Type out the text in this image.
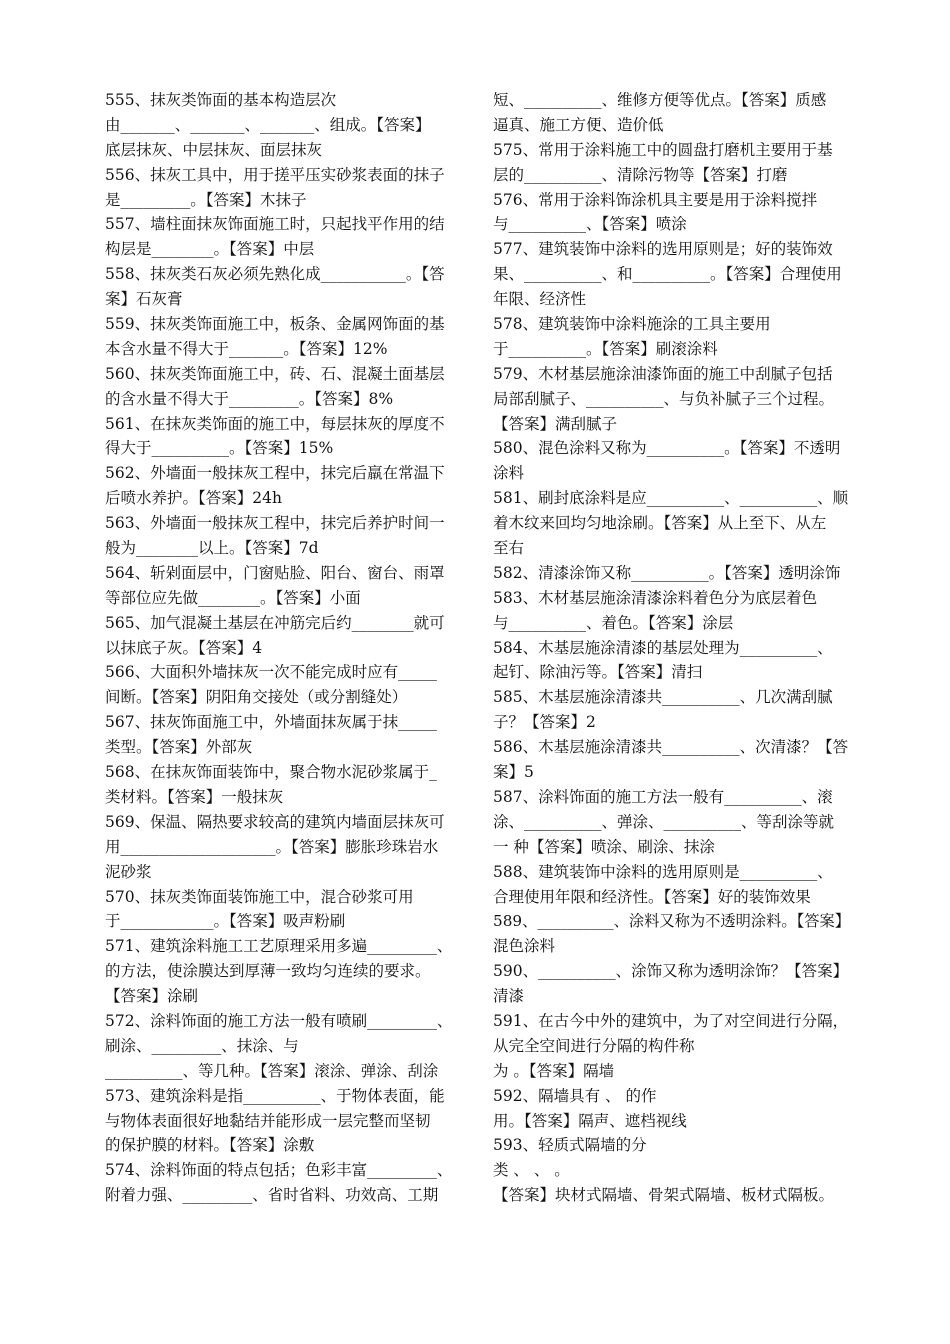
555、抹灰类饰面的基本构造层次
由_______、_______、_______、组成。【答案】
底层抹灰、中层抹灰、面层抹灰
556、抹灰工具中，用于搓平压实砂浆表面的抹子
是_________。【答案】木抹子
557、墙柱面抹灰饰面施工时，只起找平作用的结
构层是________。【答案】中层
558、抹灰类石灰必须先熟化成___________。【答
案】石灰膏
559、抹灰类饰面施工中，板条、金属网饰面的基
本含水量不得大于_______。【答案】12%
560、抹灰类饰面施工中，砖、石、混凝土面基层
的含水量不得大于_________。【答案】8%
561、在抹灰类饰面的施工中，每层抹灰的厚度不
得大于__________。【答案】15%
562、外墙面一般抹灰工程中，抹完后羸在常温下
后喷水养护。【答案】24h
563、外墙面一般抹灰工程中，抹完后养护时间一
般为________以上。【答案】7d
564、斩剁面层中，门窗贴脸、阳台、窗台、雨罩
等部位应先做________。【答案】小面
565、加气混凝土基层在冲筋完后约________就可
以抹底子灰。【答案】4
566、大面积外墙抹灰一次不能完成时应有_____
间断。【答案】阴阳角交接处（或分割缝处）
567、抹灰饰面施工中，外墙面抹灰属于抹_____
类型。【答案】外部灰
568、在抹灰饰面装饰中，聚合物水泥砂浆属于_
类材料。【答案】一般抹灰
569、保温、隔热要求较高的建筑内墙面层抹灰可
用____________________。【答案】膨胀珍珠岩水
泥砂浆
570、抹灰类饰面装饰施工中，混合砂浆可用
于____________。【答案】吸声粉刷
571、建筑涂料施工工艺原理采用多遍_________、
的方法，使涂膜达到厚薄一致均匀连续的要求。
【答案】涂刷
572、涂料饰面的施工方法一般有喷刷_________、
刷涂、_________、抹涂、与
__________、等几种。【答案】滚涂、弹涂、刮涂
573、建筑涂料是指__________、于物体表面，能
与物体表面很好地黏结并能形成一层完整而坚韧
的保护膜的材料。【答案】涂敷
574、涂料饰面的特点包括；色彩丰富_________、
附着力强、_________、省时省料、功效高、工期
短、__________、维修方便等优点。【答案】质感
逼真、施工方便、造价低
575、常用于涂料施工中的圆盘打磨机主要用于基
层的__________、清除污物等【答案】打磨
576、常用于涂料饰涂机具主要是用于涂料搅拌
与__________、【答案】喷涂
577、建筑装饰中涂料的选用原则是；好的装饰效
果、__________、和__________。【答案】合理使用
年限、经济性
578、建筑装饰中涂料施涂的工具主要用
于__________。【答案】刷滚涂料
579、木材基层施涂油漆饰面的施工中刮腻子包括
局部刮腻子、__________、与负补腻子三个过程。
【答案】满刮腻子
580、混色涂料又称为__________。【答案】不透明
涂料
581、刷封底涂料是应__________、__________、顺
着木纹来回均匀地涂刷。【答案】从上至下、从左
至右
582、清漆涂饰又称__________。【答案】透明涂饰
583、木材基层施涂清漆涂料着色分为底层着色
与__________、着色。【答案】涂层
584、木基层施涂清漆的基层处理为__________、
起钉、除油污等。【答案】清扫
585、木基层施涂清漆共__________、几次满刮腻
子？【答案】2
586、木基层施涂清漆共__________、次清漆？【答
案】5
587、涂料饰面的施工方法一般有__________、滚
涂、__________、弹涂、__________、等刮涂等就
一 种【答案】喷涂、刷涂、抹涂
588、建筑装饰中涂料的选用原则是__________、
合理使用年限和经济性。【答案】好的装饰效果
589、__________、涂料又称为不透明涂料。【答案】
混色涂料
590、__________、涂饰又称为透明涂饰？【答案】
清漆
591、在古今中外的建筑中，为了对空间进行分隔，
从完全空间进行分隔的构件称
为 。【答案】隔墙
592、隔墙具有 、 的作
用。【答案】隔声、遮档视线
593、轻质式隔墙的分
类 、 、 。
【答案】块材式隔墙、骨架式隔墙、板材式隔板。
